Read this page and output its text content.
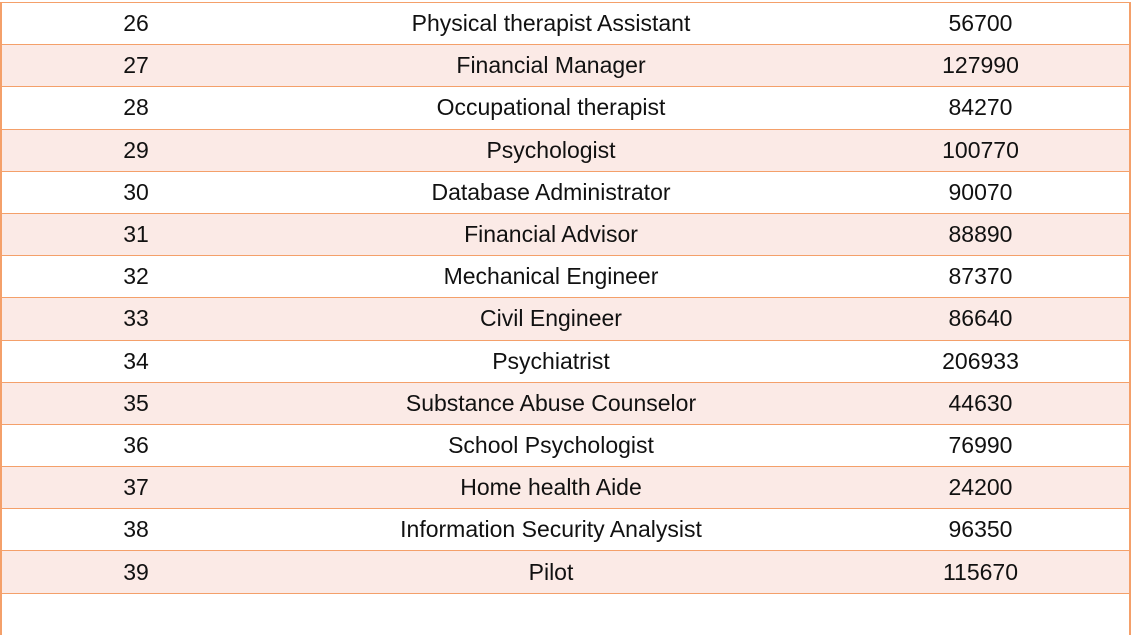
26	Physical therapist Assistant	56700
27	Financial Manager	127990
28	Occupational therapist	84270
29	Psychologist	100770
30	Database Administrator	90070
31	Financial Advisor	88890
32	Mechanical Engineer	87370
33	Civil Engineer	86640
34	Psychiatrist	206933
35	Substance Abuse Counselor	44630
36	School Psychologist	76990
37	Home health Aide	24200
38	Information Security Analysist	96350
39	Pilot	115670
